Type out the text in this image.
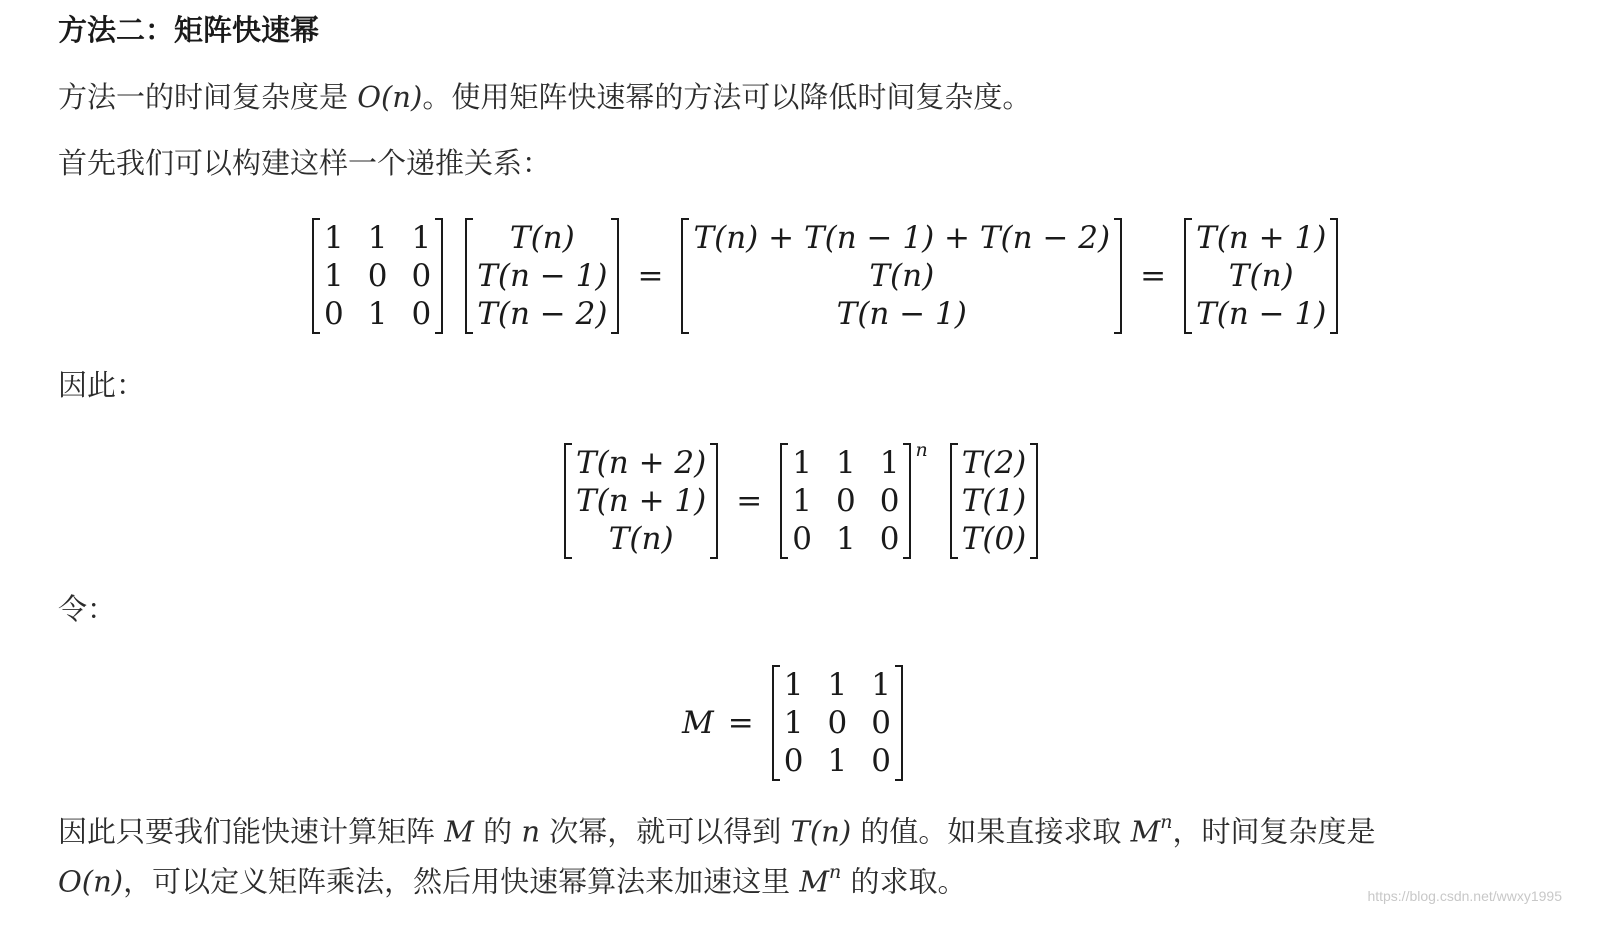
方法二：矩阵快速幂

方法一的时间复杂度是 O(n)。使用矩阵快速幂的方法可以降低时间复杂度。

首先我们可以构建这样一个递推关系：

1 1 1
1 0 0
0 1 0
T(n)
T(n − 1)
T(n − 2)
=
T(n) + T(n − 1) + T(n − 2)
T(n)
T(n − 1)
=
T(n + 1)
T(n)
T(n − 1)

因此：

T(n + 2)
T(n + 1)
T(n)
=
1 1 1
1 0 0
0 1 0
n T(2)
T(1)
T(0)

令：

M =
1 1 1
1 0 0
0 1 0

因此只要我们能快速计算矩阵 M 的 n 次幂，就可以得到 T(n) 的值。如果直接求取 $M^n$，时间复杂度是

O(n)，可以定义矩阵乘法，然后用快速幂算法来加速这里 $M^n$ 的求取。	https://blog.csdn.net/wwxy1995
